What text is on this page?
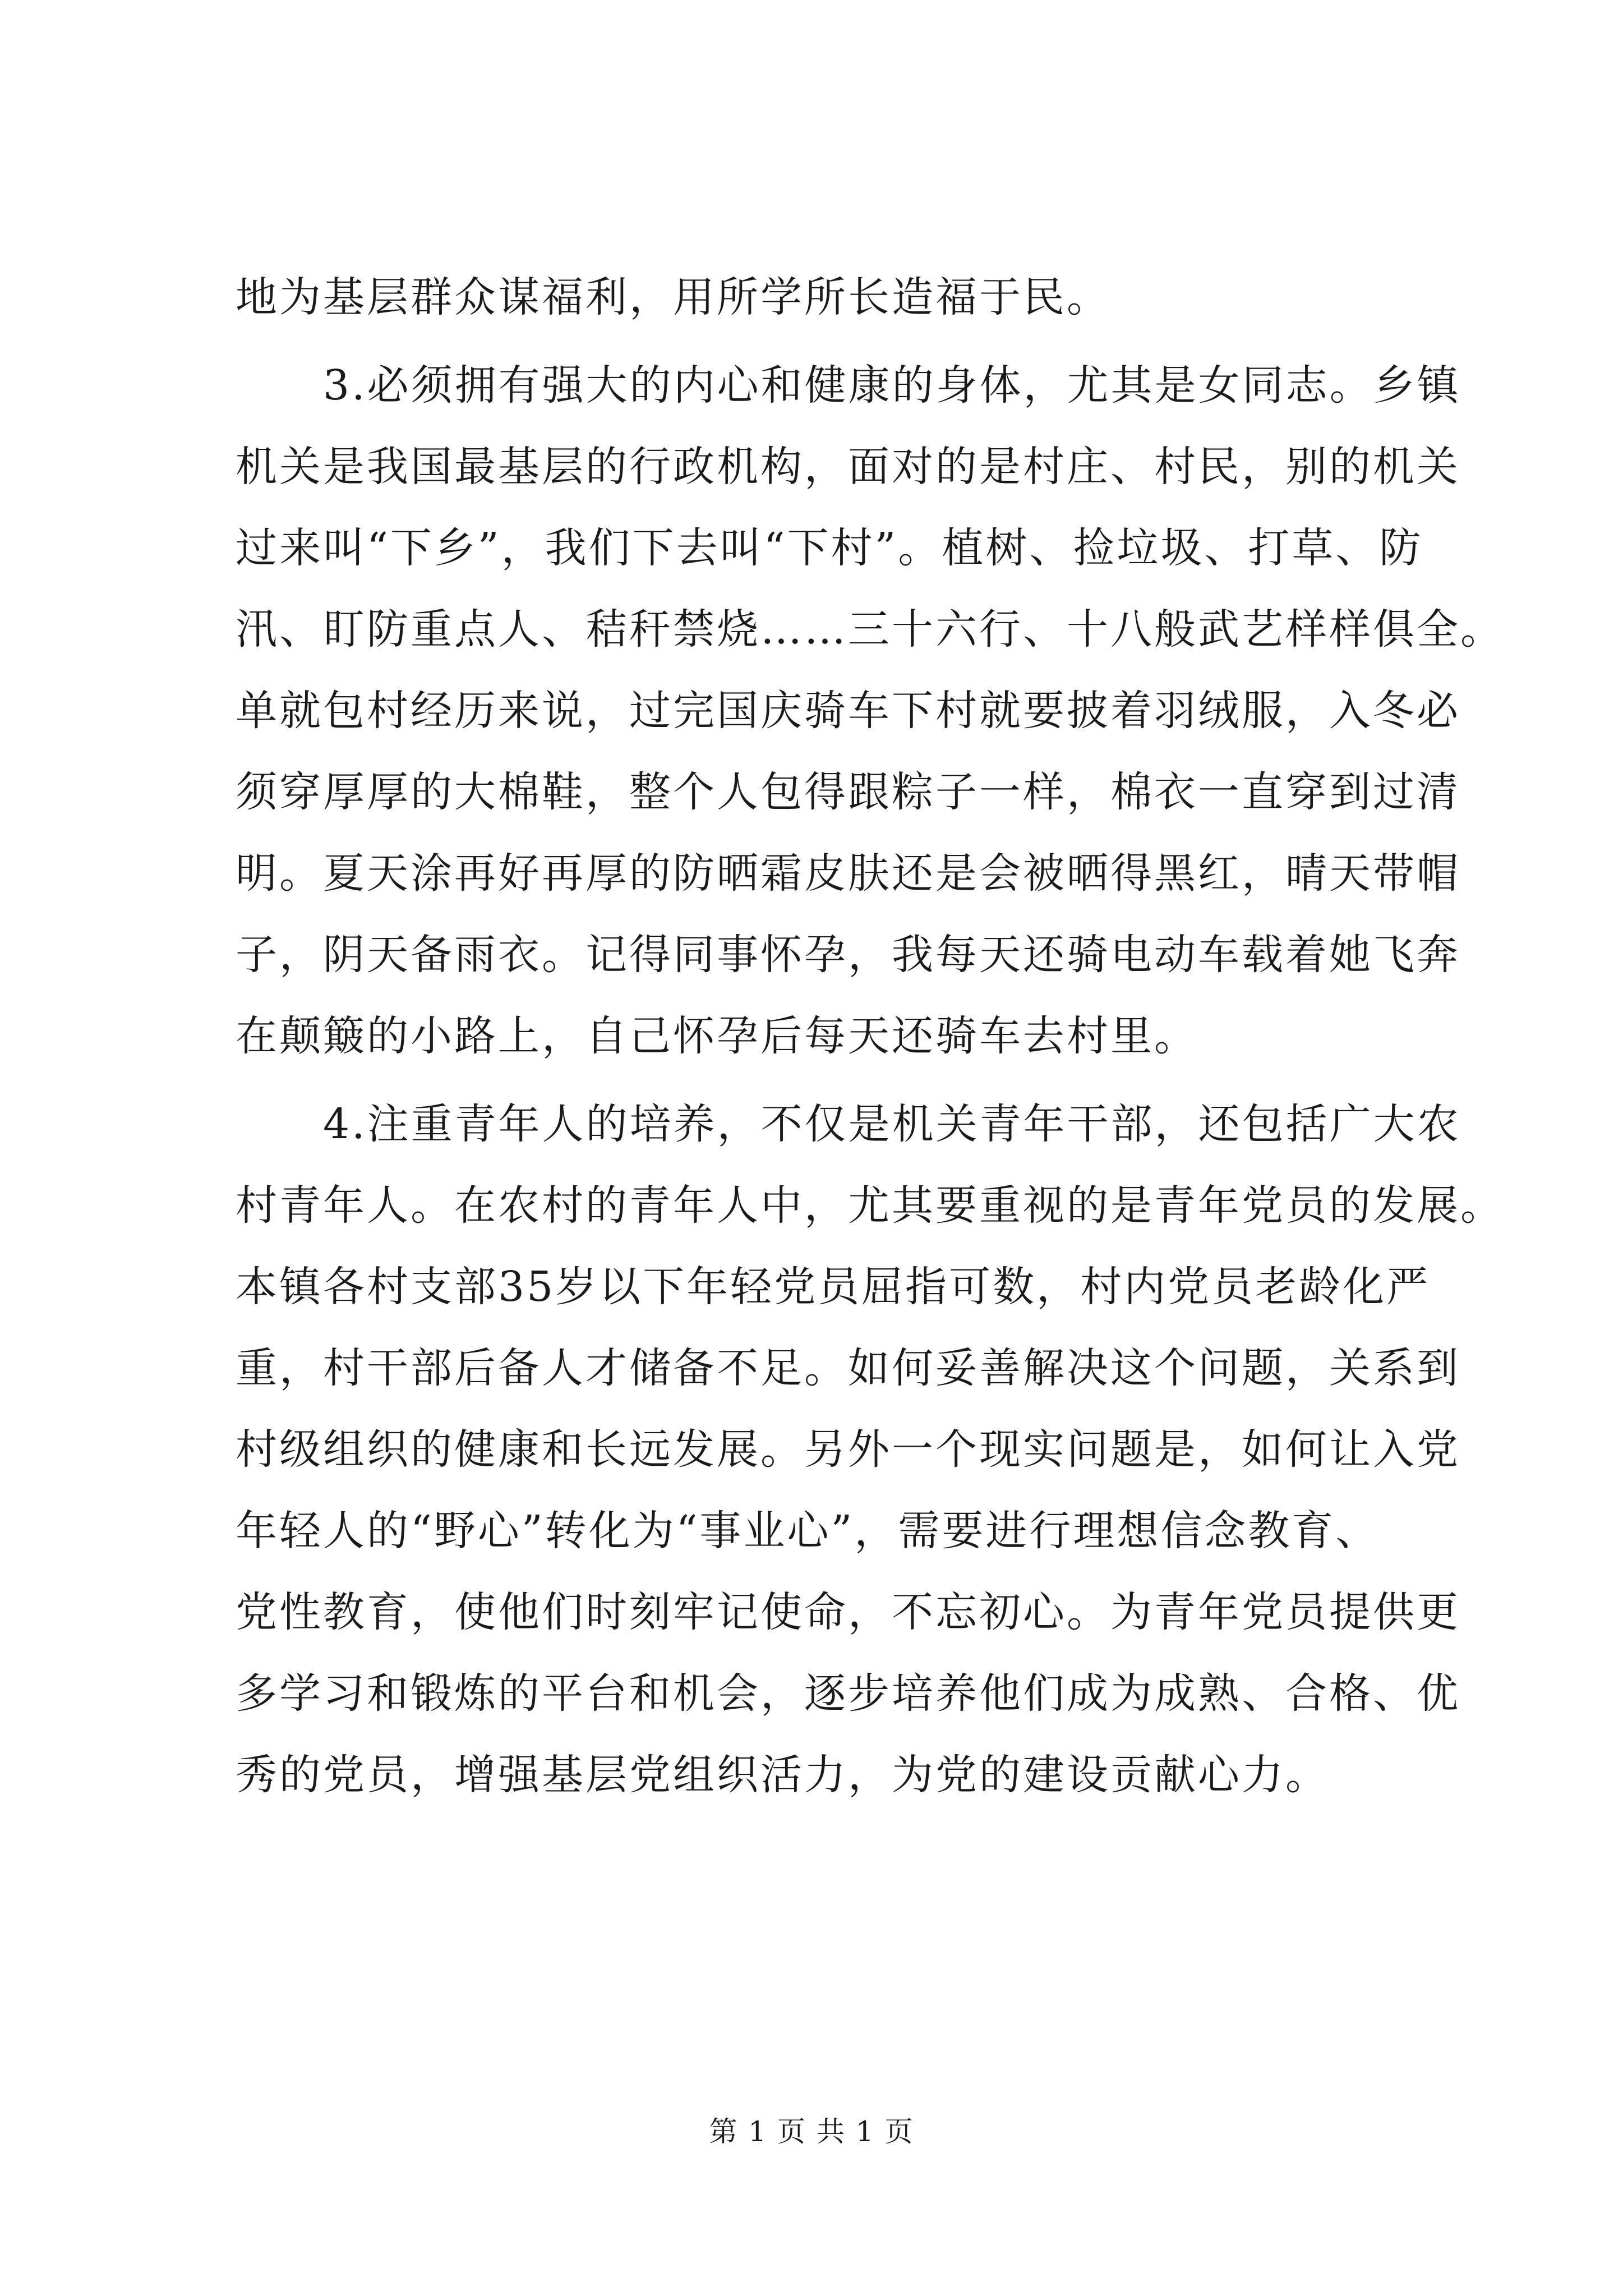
地为基层群众谋福利，用所学所长造福于民。
3.必须拥有强大的内心和健康的身体，尤其是女同志。乡镇
机关是我国最基层的行政机构，面对的是村庄、村民，别的机关
过来叫“下乡”，我们下去叫“下村”。植树、捡垃圾、打草、防
汛、盯防重点人、秸秆禁烧……三十六行、十八般武艺样样俱全。
单就包村经历来说，过完国庆骑车下村就要披着羽绒服，入冬必
须穿厚厚的大棉鞋，整个人包得跟粽子一样，棉衣一直穿到过清
明。夏天涂再好再厚的防晒霜皮肤还是会被晒得黑红，晴天带帽
子，阴天备雨衣。记得同事怀孕，我每天还骑电动车载着她飞奔
在颠簸的小路上，自己怀孕后每天还骑车去村里。
4.注重青年人的培养，不仅是机关青年干部，还包括广大农
村青年人。在农村的青年人中，尤其要重视的是青年党员的发展。
本镇各村支部35岁以下年轻党员屈指可数，村内党员老龄化严
重，村干部后备人才储备不足。如何妥善解决这个问题，关系到
村级组织的健康和长远发展。另外一个现实问题是，如何让入党
年轻人的“野心”转化为“事业心”，需要进行理想信念教育、
党性教育，使他们时刻牢记使命，不忘初心。为青年党员提供更
多学习和锻炼的平台和机会，逐步培养他们成为成熟、合格、优
秀的党员，增强基层党组织活力，为党的建设贡献心力。
第 1 页 共 1 页
